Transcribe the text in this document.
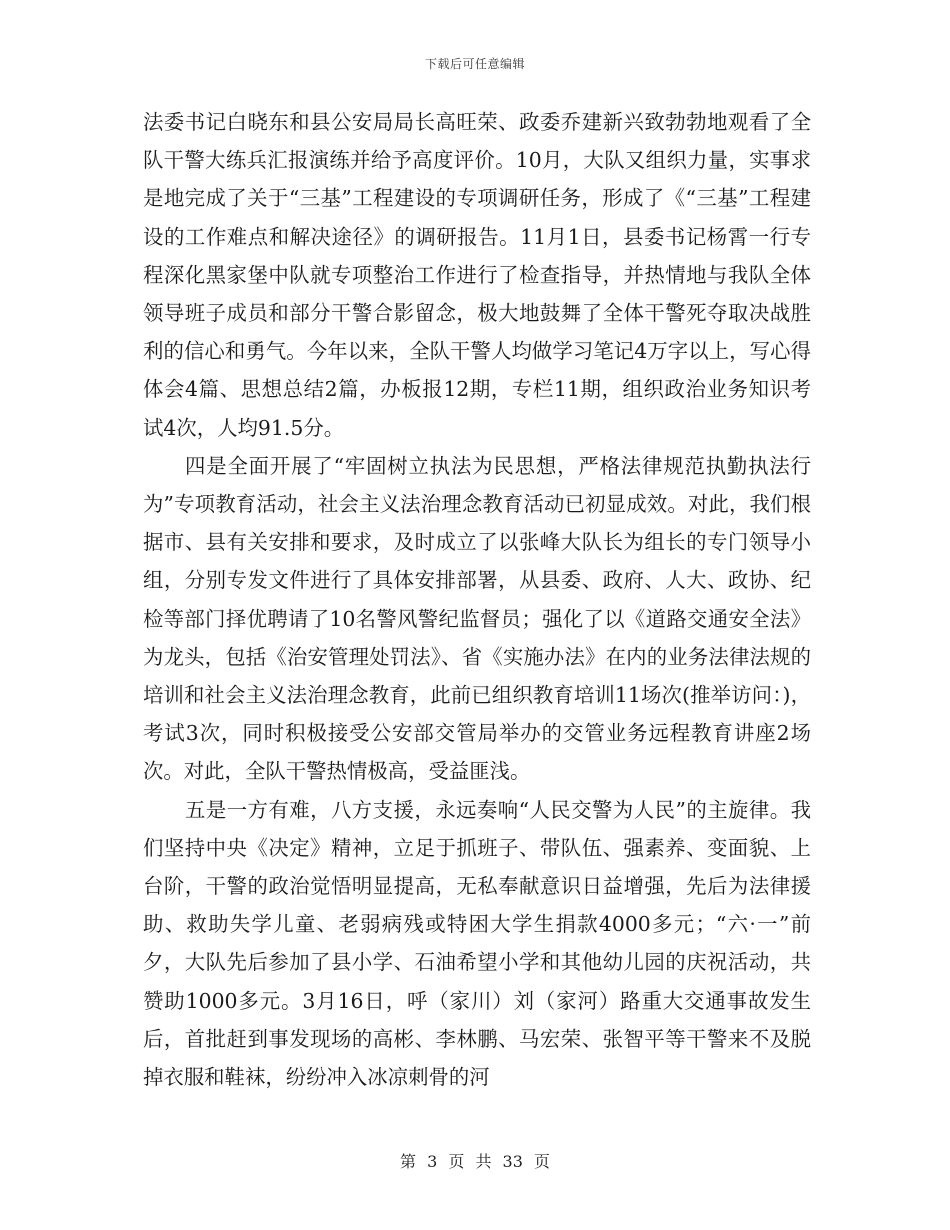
下载后可任意编辑

法委书记白晓东和县公安局局长高旺荣、政委乔建新兴致勃勃地观看了全队干警大练兵汇报演练并给予高度评价。10月，大队又组织力量，实事求是地完成了关于“三基”工程建设的专项调研任务，形成了《“三基”工程建设的工作难点和解决途径》的调研报告。11月1日，县委书记杨霄一行专程深化黑家堡中队就专项整治工作进行了检查指导，并热情地与我队全体领导班子成员和部分干警合影留念，极大地鼓舞了全体干警死夺取决战胜利的信心和勇气。今年以来，全队干警人均做学习笔记4万字以上，写心得体会4篇、思想总结2篇，办板报12期，专栏11期，组织政治业务知识考试4次，人均91.5分。

四是全面开展了“牢固树立执法为民思想，严格法律规范执勤执法行为”专项教育活动，社会主义法治理念教育活动已初显成效。对此，我们根据市、县有关安排和要求，及时成立了以张峰大队长为组长的专门领导小组，分别专发文件进行了具体安排部署，从县委、政府、人大、政协、纪检等部门择优聘请了10名警风警纪监督员；强化了以《道路交通安全法》为龙头，包括《治安管理处罚法》、省《实施办法》在内的业务法律法规的培训和社会主义法治理念教育，此前已组织教育培训11场次(推举访问：)，考试3次，同时积极接受公安部交管局举办的交管业务远程教育讲座2场次。对此，全队干警热情极高，受益匪浅。

五是一方有难，八方支援，永远奏响“人民交警为人民”的主旋律。我们坚持中央《决定》精神，立足于抓班子、带队伍、强素养、变面貌、上台阶，干警的政治觉悟明显提高，无私奉献意识日益增强，先后为法律援助、救助失学儿童、老弱病残或特困大学生捐款4000多元；“六·一”前夕，大队先后参加了县小学、石油希望小学和其他幼儿园的庆祝活动，共赞助1000多元。3月16日，呼（家川）刘（家河）路重大交通事故发生后，首批赶到事发现场的高彬、李林鹏、马宏荣、张智平等干警来不及脱掉衣服和鞋袜，纷纷冲入冰凉刺骨的河

第 3 页 共 33 页
